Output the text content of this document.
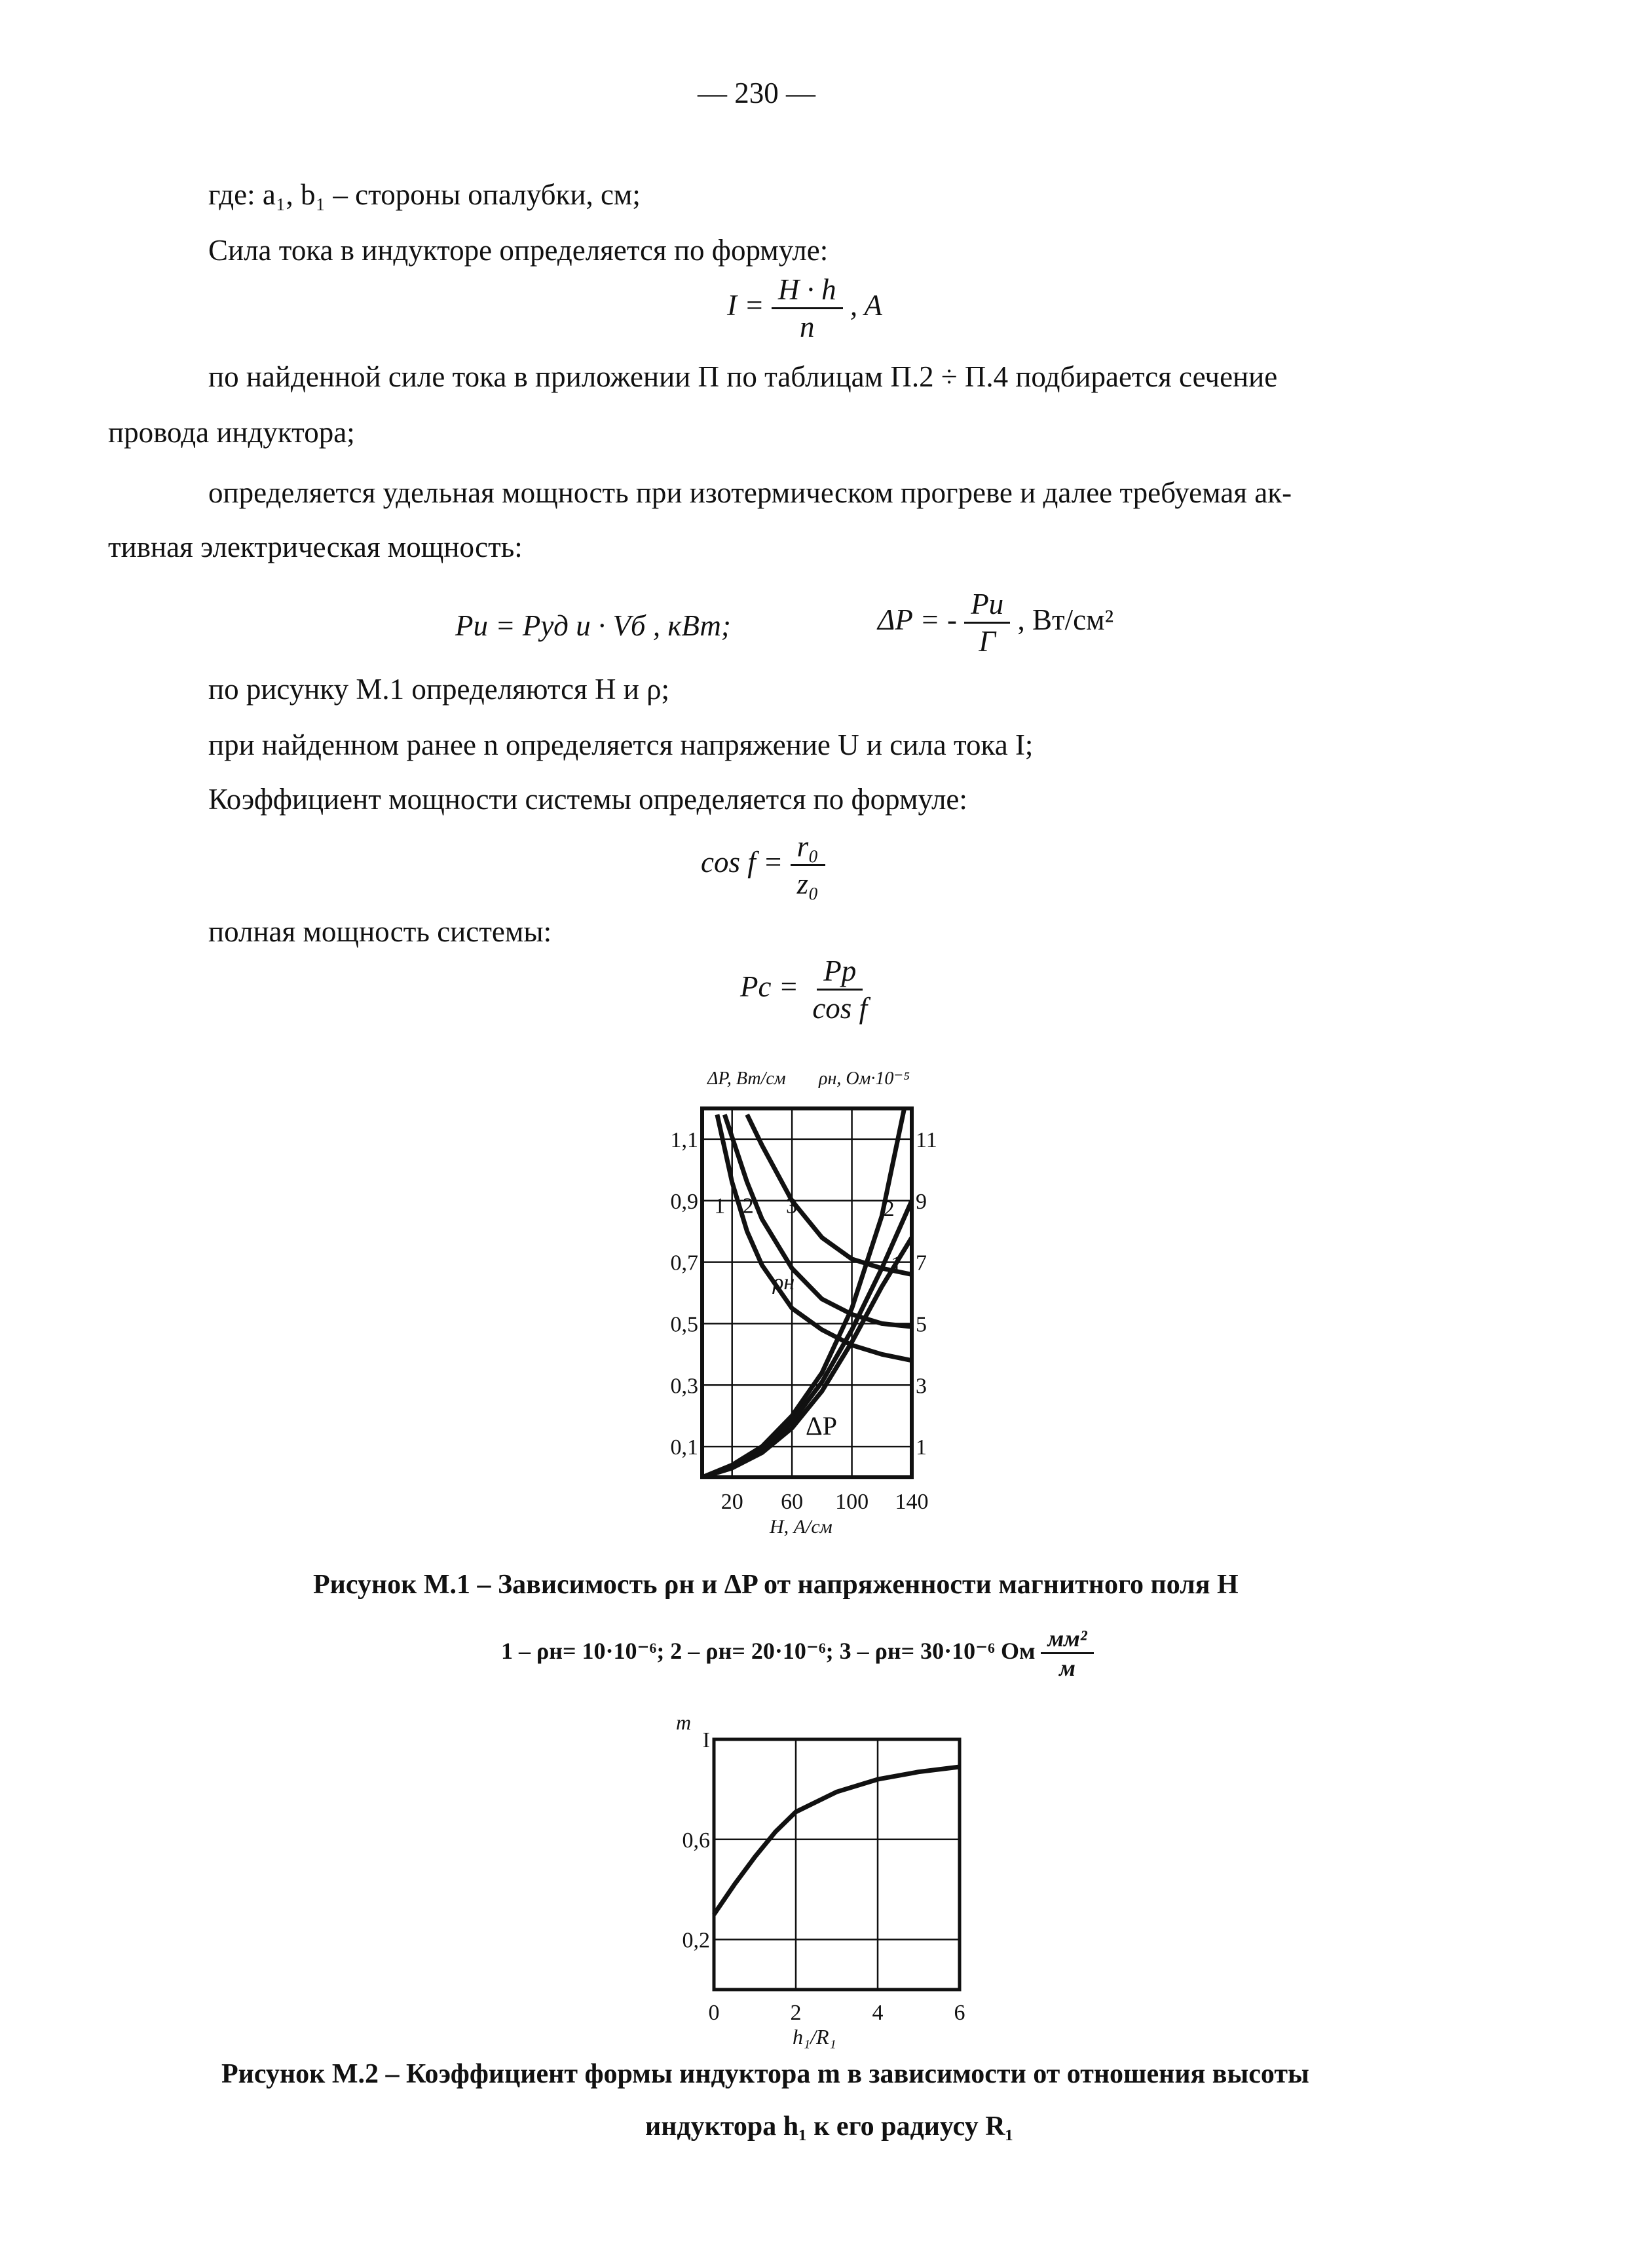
— 230 —
где: a₁, b₁ – стороны опалубки, см;
Сила тока в индукторе определяется по формуле:
$I = \frac{H \cdot h}{n}$ , A
по найденной силе тока в приложении П по таблицам П.2 ÷ П.4 подбирается сечение
провода индуктора;
определяется удельная мощность при изотермическом прогреве и далее требуемая ак-
тивная электрическая мощность:
Pи = Pуд и · Vб , кВт;	ΔP = - $\frac{Pи}{Г}$ , Вт/см²
по рисунку М.1 определяются H и ρ;
при найденном ранее n определяется напряжение U и сила тока I;
Коэффициент мощности системы определяется по формуле:
$\cos f = \frac{\text{r₀}}{\text{z₀}}$
полная мощность системы:
Pс = $\frac{Pр}{\text{cos f}}$
20 60 100 140
0,1
0,3
0,5
0,7
0,9
1,1
1
3
5
7
9
11
1 2 3	2
1
ΔP, Вт/см ρн, Ом·10⁻⁵
ρн
ΔP
H, А/см
Рисунок М.1 – Зависимость ρн и ΔP от напряженности магнитного поля H
1 – ρн= 10·10⁻⁶; 2 – ρн= 20·10⁻⁶; 3 – ρн= 30·10⁻⁶ Ом $\frac{\text{мм²}}{м}$
0	2	4	6
0,2
0,6
I
m
h₁/R₁
Рисунок М.2 – Коэффициент формы индуктора m в зависимости от отношения высоты
индуктора h₁ к его радиусу R₁
